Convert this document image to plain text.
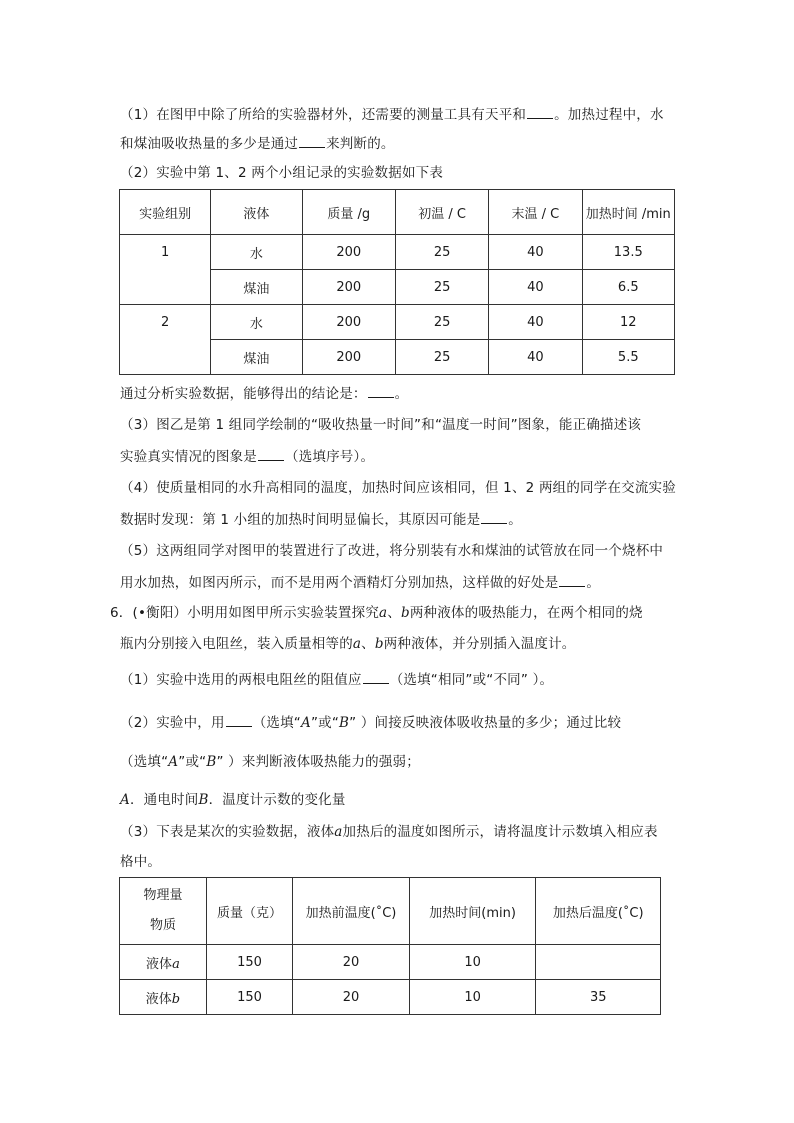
（1）在图甲中除了所给的实验器材外，还需要的测量工具有天平和 。加热过程中，水
和煤油吸收热量的多少是通过 来判断的。
（2）实验中第 1、2 两个小组记录的实验数据如下表
实验组别	液体	质量 /g	初温 / C	末温 / C	加热时间 /min
1	水	200	25	40	13.5
	煤油	200	25	40	6.5
2	水	200	25	40	12
	煤油	200	25	40	5.5
通过分析实验数据，能够得出的结论是： 。
（3）图乙是第 1 组同学绘制的“吸收热量一时间”和“温度一时间”图象，能正确描述该
实验真实情况的图象是 （选填序号）。
（4）使质量相同的水升高相同的温度，加热时间应该相同，但 1、2 两组的同学在交流实验
数据时发现：第 1 小组的加热时间明显偏长，其原因可能是 。
（5）这两组同学对图甲的装置进行了改进，将分别装有水和煤油的试管放在同一个烧杯中
用水加热，如图丙所示，而不是用两个酒精灯分别加热，这样做的好处是 。
6．(•衡阳）小明用如图甲所示实验装置探究a、b两种液体的吸热能力，在两个相同的烧
瓶内分别接入电阻丝，装入质量相等的a、b两种液体，并分别插入温度计。
（1）实验中选用的两根电阻丝的阻值应 （选填“相同”或“不同” ）。
（2）实验中，用 （选填“A”或“B” ）间接反映液体吸收热量的多少；通过比较
（选填“A”或“B” ）来判断液体吸热能力的强弱；
A．通电时间B．温度计示数的变化量
（3）下表是某次的实验数据，液体a加热后的温度如图所示，请将温度计示数填入相应表
格中。
物理量
物质	质量（克）	加热前温度(˚C)	加热时间(min)	加热后温度(˚C)
液体a	150	20	10	
液体b	150	20	10	35
